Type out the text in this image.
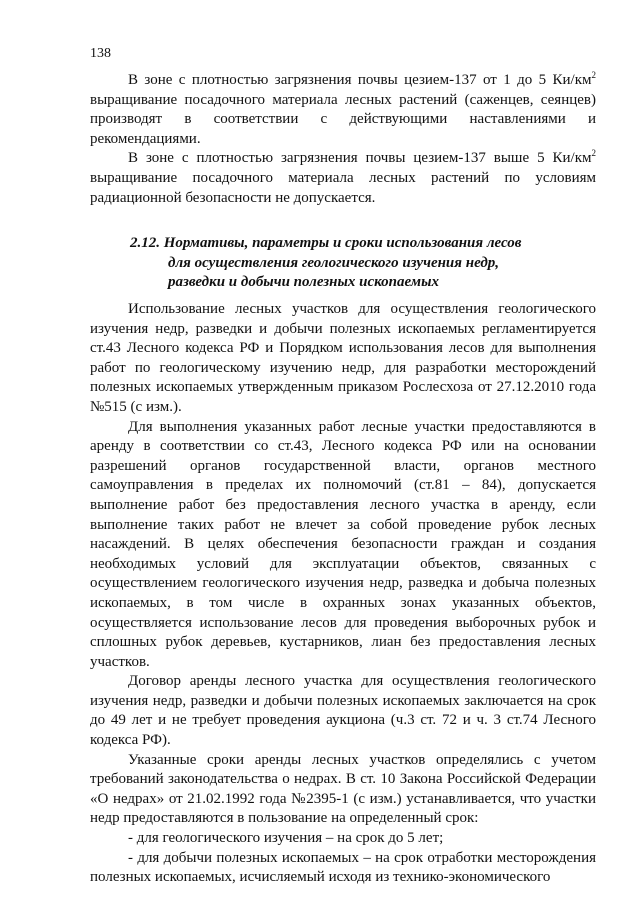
138

В зоне с плотностью загрязнения почвы цезием-137 от 1 до 5 $Ки/км^2$ выращивание посадочного материала лесных растений (саженцев, сеянцев) производят в соответствии с действующими наставлениями и рекомендациями.

В зоне с плотностью загрязнения почвы цезием-137 выше 5 $Ки/км^2$ выращивание посадочного материала лесных растений по условиям радиационной безопасности не допускается.

2.12. Нормативы, параметры и сроки использования лесов
для осуществления геологического изучения недр,
разведки и добычи полезных ископаемых

Использование лесных участков для осуществления геологического изучения недр, разведки и добычи полезных ископаемых регламентируется ст.43 Лесного кодекса РФ и Порядком использования лесов для выполнения работ по геологическому изучению недр, для разработки месторождений полезных ископаемых утвержденным приказом Рослесхоза от 27.12.2010 года №515 (с изм.).

Для выполнения указанных работ лесные участки предоставляются в аренду в соответствии со ст.43, Лесного кодекса РФ или на основании разрешений органов государственной власти, органов местного самоуправления в пределах их полномочий (ст.81 – 84), допускается выполнение работ без предоставления лесного участка в аренду, если выполнение таких работ не влечет за собой проведение рубок лесных насаждений. В целях обеспечения безопасности граждан и создания необходимых условий для эксплуатации объектов, связанных с осуществлением геологического изучения недр, разведка и добыча полезных ископаемых, в том числе в охранных зонах указанных объектов, осуществляется использование лесов для проведения выборочных рубок и сплошных рубок деревьев, кустарников, лиан без предоставления лесных участков.

Договор аренды лесного участка для осуществления геологического изучения недр, разведки и добычи полезных ископаемых заключается на срок до 49 лет и не требует проведения аукциона (ч.3 ст. 72 и ч. 3 ст.74 Лесного кодекса РФ).

Указанные сроки аренды лесных участков определялись с учетом требований законодательства о недрах. В ст. 10 Закона Российской Федерации «О недрах» от 21.02.1992 года №2395-1 (с изм.) устанавливается, что участки недр предоставляются в пользование на определенный срок:

- для геологического изучения – на срок до 5 лет;

- для добычи полезных ископаемых – на срок отработки месторождения полезных ископаемых, исчисляемый исходя из технико-экономического
